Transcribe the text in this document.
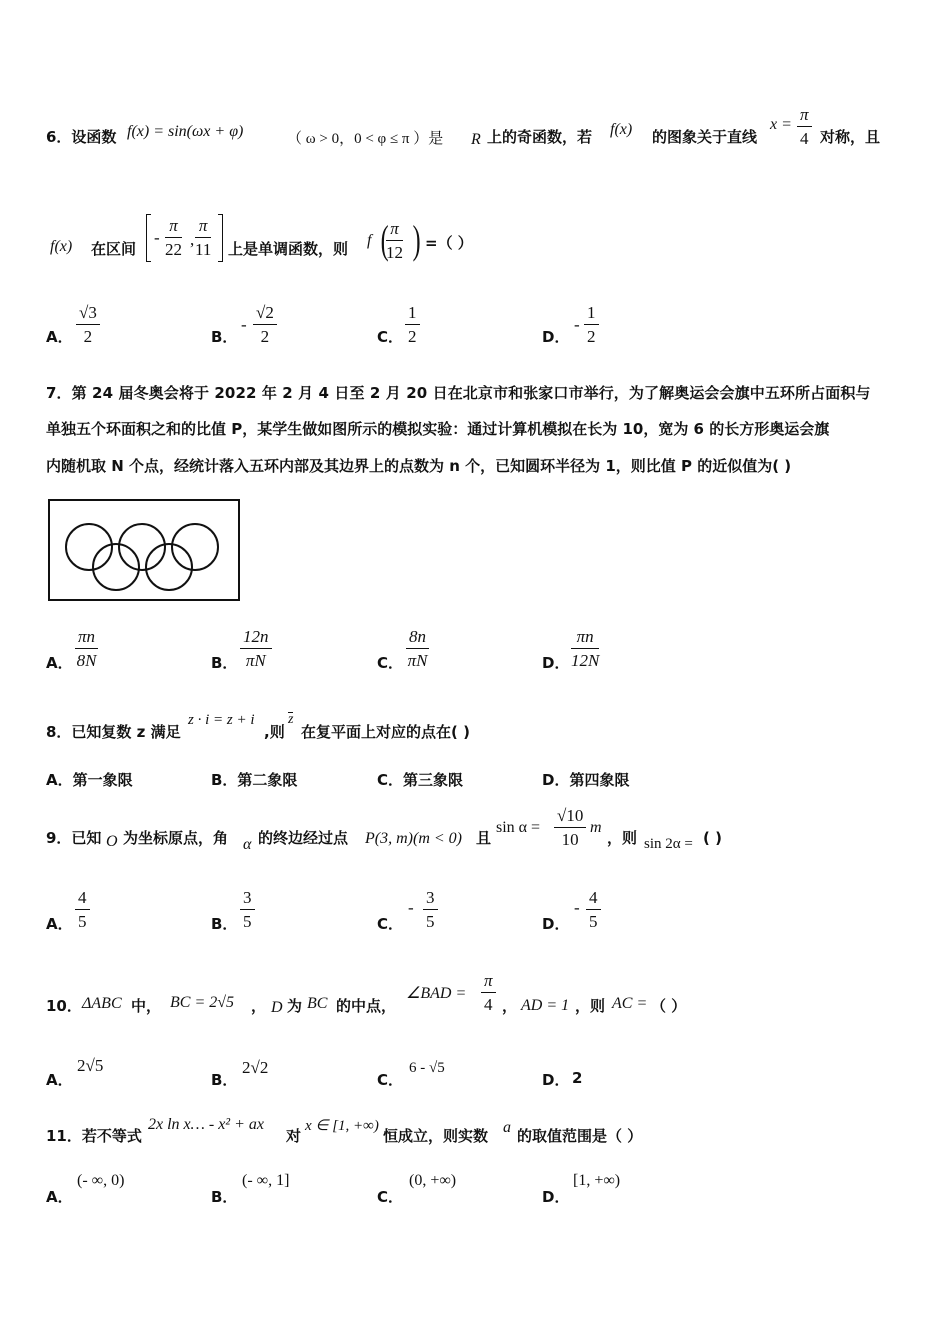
6．设函数 f(x) = sin(ωx + φ)	（ ω > 0，0 < φ ≤ π ）是 R 上的奇函数，若 f(x) 的图象关于直线
$x = \frac{\pi}{4}$ 对称，且
f(x) 在区间
- $\frac{\pi}{22}$ , $\frac{\pi}{11}$ 上是单调函数，则 f (
$\frac{\pi}{12}$ ) =（ ）
A． $\frac{√3}{2}$	B．
- $\frac{√2}{2}$	C． $\frac{1}{2}$	D．
- $\frac{1}{2}$
7．第 24 届冬奥会将于 2022 年 2 月 4 日至 2 月 20 日在北京市和张家口市举行，为了解奥运会会旗中五环所占面积与
单独五个环面积之和的比值 P，某学生做如图所示的模拟实验：通过计算机模拟在长为 10，宽为 6 的长方形奥运会旗
内随机取 N 个点，经统计落入五环内部及其边界上的点数为 n 个，已知圆环半径为 1，则比值 P 的近似值为( )
A． $\frac{\pi n}{8N}$	B． $\frac{12n}{\pi N}$	C． $\frac{8n}{\pi N}$	D． $\frac{\pi n}{12N}$
8．已知复数 z 满足
z · i = z + i
,则
z
在复平面上对应的点在( )
A．第一象限	B．第二象限	C．第三象限	D．第四象限
9．已知 O 为坐标原点，角 α 的终边经过点 P(3, m)(m < 0) 且
$\sin \alpha = \frac{√10}{10}$ m
，则 sin 2α = ( )
A． $\frac{4}{5}$	B． $\frac{3}{5}$	C．
- $\frac{3}{5}$	D．
- $\frac{4}{5}$
10． ΔABC 中， BC = 2√5 ， D 为 BC 的中点，
∠BAD = $\frac{\pi}{4}$ ， AD = 1 ，则 AC = （ ）
A．
2√5
B．
2√2
C．
6 - √5
D． 2
11．若不等式
2x ln x… - x² + ax
对
x ∈ [1, +∞)
恒成立，则实数 a 的取值范围是（ ）
A．
(- ∞, 0)
B．
(- ∞, 1]
C．
(0, +∞)
D．
[1, +∞)
